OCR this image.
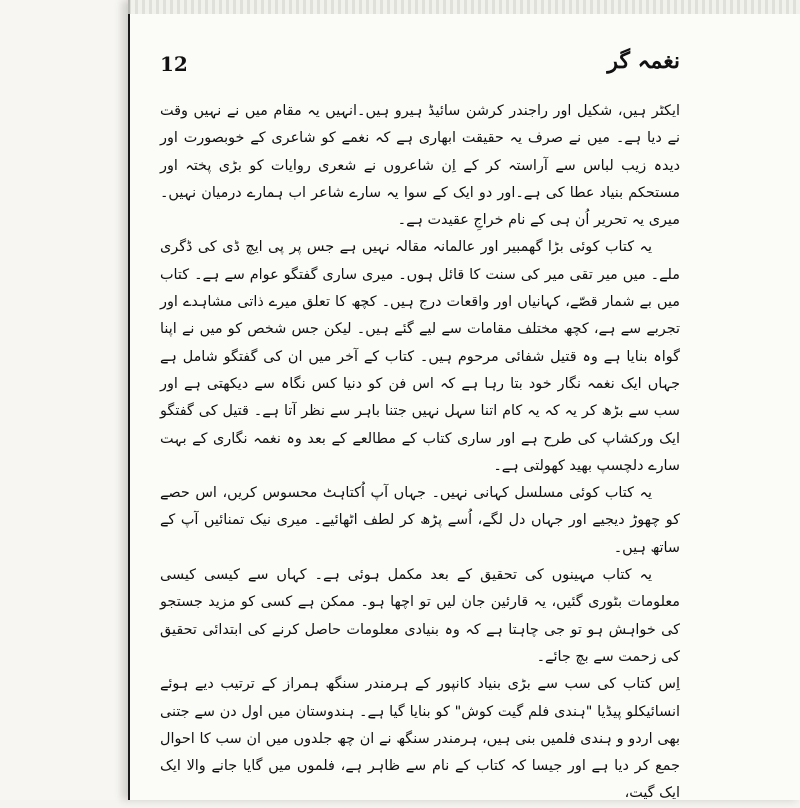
12	نغمہ گر

ایکٹر ہیں، شکیل اور راجندر کرشن سائیڈ ہیرو ہیں۔انہیں یہ مقام میں نے نہیں وقت نے دیا ہے۔ میں نے صرف یہ حقیقت ابھاری ہے کہ نغمے کو شاعری کے خوبصورت اور دیدہ زیب لباس سے آراستہ کر کے اِن شاعروں نے شعری روایات کو بڑی پختہ اور مستحکم بنیاد عطا کی ہے۔اور دو ایک کے سوا یہ سارے شاعر اب ہمارے درمیان نہیں۔ میری یہ تحریر اُن ہی کے نام خراجِ عقیدت ہے۔

یہ کتاب کوئی بڑا گھمبیر اور عالمانہ مقالہ نہیں ہے جس پر پی ایچ ڈی کی ڈگری ملے۔ میں میر تقی میر کی سنت کا قائل ہوں۔ میری ساری گفتگو عوام سے ہے۔ کتاب میں بے شمار قصّے، کہانیاں اور واقعات درج ہیں۔ کچھ کا تعلق میرے ذاتی مشاہدے اور تجربے سے ہے، کچھ مختلف مقامات سے لیے گئے ہیں۔ لیکن جس شخص کو میں نے اپنا گواہ بنایا ہے وہ قتیل شفائی مرحوم ہیں۔ کتاب کے آخر میں ان کی گفتگو شامل ہے جہاں ایک نغمہ نگار خود بتا رہا ہے کہ اس فن کو دنیا کس نگاہ سے دیکھتی ہے اور سب سے بڑھ کر یہ کہ یہ کام اتنا سہل نہیں جتنا باہر سے نظر آتا ہے۔ قتیل کی گفتگو ایک ورکشاپ کی طرح ہے اور ساری کتاب کے مطالعے کے بعد وہ نغمہ نگاری کے بہت سارے دلچسپ بھید کھولتی ہے۔

یہ کتاب کوئی مسلسل کہانی نہیں۔ جہاں آپ اُکتاہٹ محسوس کریں، اس حصے کو چھوڑ دیجیے اور جہاں دل لگے، اُسے پڑھ کر لطف اٹھائیے۔ میری نیک تمنائیں آپ کے ساتھ ہیں۔

یہ کتاب مہینوں کی تحقیق کے بعد مکمل ہوئی ہے۔ کہاں سے کیسی کیسی معلومات بٹوری گئیں، یہ قارئین جان لیں تو اچھا ہو۔ ممکن ہے کسی کو مزید جستجو کی خواہش ہو تو جی چاہتا ہے کہ وہ بنیادی معلومات حاصل کرنے کی ابتدائی تحقیق کی زحمت سے بچ جائے۔

اِس کتاب کی سب سے بڑی بنیاد کانپور کے ہرمندر سنگھ ہمراز کے ترتیب دیے ہوئے انسائیکلو پیڈیا "ہندی فلم گیت کوش" کو بنایا گیا ہے۔ ہندوستان میں اول دن سے جتنی بھی اردو و ہندی فلمیں بنی ہیں، ہرمندر سنگھ نے ان چھ جلدوں میں ان سب کا احوال جمع کر دیا ہے اور جیسا کہ کتاب کے نام سے ظاہر ہے، فلموں میں گایا جانے والا ایک ایک گیت،
